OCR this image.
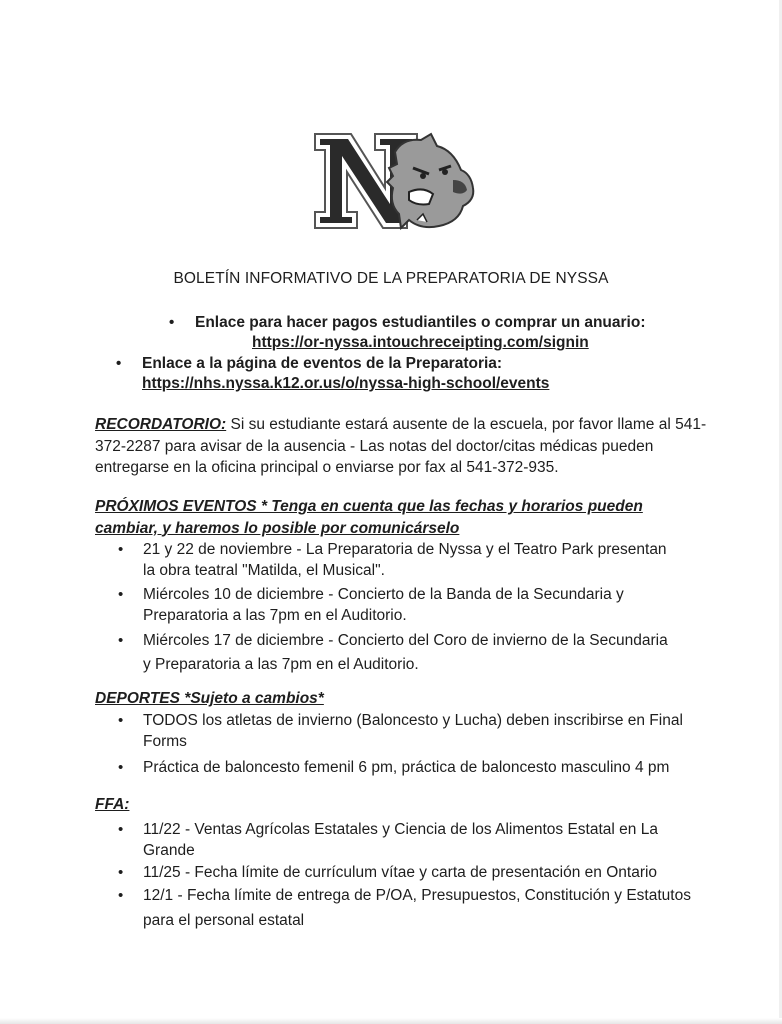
BOLETÍN INFORMATIVO DE LA PREPARATORIA DE NYSSA
• Enlace para hacer pagos estudiantiles o comprar un anuario:
https://or-nyssa.intouchreceipting.com/signin
• Enlace a la página de eventos de la Preparatoria:
https://nhs.nyssa.k12.or.us/o/nyssa-high-school/events
RECORDATORIO: Si su estudiante estará ausente de la escuela, por favor llame al 541-372-2287 para avisar de la ausencia - Las notas del doctor/citas médicas pueden entregarse en la oficina principal o enviarse por fax al 541-372-935.
PRÓXIMOS EVENTOS * Tenga en cuenta que las fechas y horarios pueden cambiar, y haremos lo posible por comunicárselo
• 21 y 22 de noviembre - La Preparatoria de Nyssa y el Teatro Park presentan la obra teatral "Matilda, el Musical".
• Miércoles 10 de diciembre - Concierto de la Banda de la Secundaria y Preparatoria a las 7pm en el Auditorio.
• Miércoles 17 de diciembre - Concierto del Coro de invierno de la Secundaria y Preparatoria a las 7pm en el Auditorio.
DEPORTES *Sujeto a cambios*
• TODOS los atletas de invierno (Baloncesto y Lucha) deben inscribirse en Final Forms
• Práctica de baloncesto femenil 6 pm, práctica de baloncesto masculino 4 pm
FFA:
• 11/22 - Ventas Agrícolas Estatales y Ciencia de los Alimentos Estatal en La Grande
• 11/25 - Fecha límite de currículum vítae y carta de presentación en Ontario
• 12/1 - Fecha límite de entrega de P/OA, Presupuestos, Constitución y Estatutos para el personal estatal
